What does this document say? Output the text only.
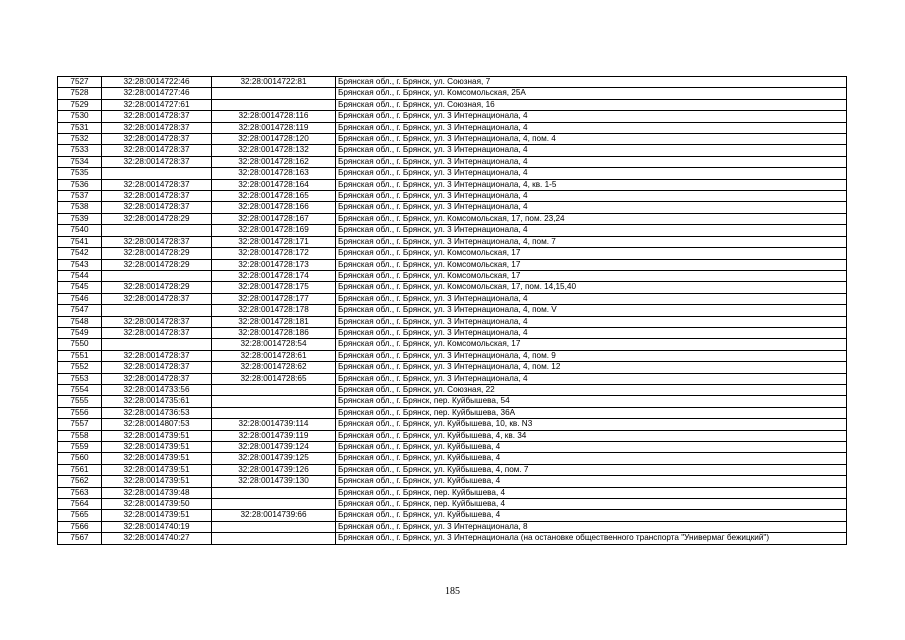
7527	32:28:0014722:46	32:28:0014722:81	Брянская обл., г. Брянск, ул. Союзная, 7
7528	32:28:0014727:46		Брянская обл., г. Брянск, ул. Комсомольская, 25А
7529	32:28:0014727:61		Брянская обл., г. Брянск, ул. Союзная, 16
7530	32:28:0014728:37	32:28:0014728:116	Брянская обл., г. Брянск, ул. 3 Интернационала, 4
7531	32:28:0014728:37	32:28:0014728:119	Брянская обл., г. Брянск, ул. 3 Интернационала, 4
7532	32:28:0014728:37	32:28:0014728:120	Брянская обл., г. Брянск, ул. 3 Интернационала, 4, пом. 4
7533	32:28:0014728:37	32:28:0014728:132	Брянская обл., г. Брянск, ул. 3 Интернационала, 4
7534	32:28:0014728:37	32:28:0014728:162	Брянская обл., г. Брянск, ул. 3 Интернационала, 4
7535		32:28:0014728:163	Брянская обл., г. Брянск, ул. 3 Интернационала, 4
7536	32:28:0014728:37	32:28:0014728:164	Брянская обл., г. Брянск, ул. 3 Интернационала, 4, кв. 1-5
7537	32:28:0014728:37	32:28:0014728:165	Брянская обл., г. Брянск, ул. 3 Интернационала, 4
7538	32:28:0014728:37	32:28:0014728:166	Брянская обл., г. Брянск, ул. 3 Интернационала, 4
7539	32:28:0014728:29	32:28:0014728:167	Брянская обл., г. Брянск, ул. Комсомольская, 17, пом. 23,24
7540		32:28:0014728:169	Брянская обл., г. Брянск, ул. 3 Интернационала, 4
7541	32:28:0014728:37	32:28:0014728:171	Брянская обл., г. Брянск, ул. 3 Интернационала, 4, пом. 7
7542	32:28:0014728:29	32:28:0014728:172	Брянская обл., г. Брянск, ул. Комсомольская, 17
7543	32:28:0014728:29	32:28:0014728:173	Брянская обл., г. Брянск, ул. Комсомольская, 17
7544		32:28:0014728:174	Брянская обл., г. Брянск, ул. Комсомольская, 17
7545	32:28:0014728:29	32:28:0014728:175	Брянская обл., г. Брянск, ул. Комсомольская, 17, пом. 14,15,40
7546	32:28:0014728:37	32:28:0014728:177	Брянская обл., г. Брянск, ул. 3 Интернационала, 4
7547		32:28:0014728:178	Брянская обл., г. Брянск, ул. 3 Интернационала, 4, пом. V
7548	32:28:0014728:37	32:28:0014728:181	Брянская обл., г. Брянск, ул. 3 Интернационала, 4
7549	32:28:0014728:37	32:28:0014728:186	Брянская обл., г. Брянск, ул. 3 Интернационала, 4
7550		32:28:0014728:54	Брянская обл., г. Брянск, ул. Комсомольская, 17
7551	32:28:0014728:37	32:28:0014728:61	Брянская обл., г. Брянск, ул. 3 Интернационала, 4, пом. 9
7552	32:28:0014728:37	32:28:0014728:62	Брянская обл., г. Брянск, ул. 3 Интернационала, 4, пом. 12
7553	32:28:0014728:37	32:28:0014728:65	Брянская обл., г. Брянск, ул. 3 Интернационала, 4
7554	32:28:0014733:56		Брянская обл., г. Брянск, ул. Союзная, 22
7555	32:28:0014735:61		Брянская обл., г. Брянск, пер. Куйбышева, 54
7556	32:28:0014736:53		Брянская обл., г. Брянск, пер. Куйбышева, 36А
7557	32:28:0014807:53	32:28:0014739:114	Брянская обл., г. Брянск, ул. Куйбышева, 10, кв. N3
7558	32:28:0014739:51	32:28:0014739:119	Брянская обл., г. Брянск, ул. Куйбышева, 4, кв. 34
7559	32:28:0014739:51	32:28:0014739:124	Брянская обл., г. Брянск, ул. Куйбышева, 4
7560	32:28:0014739:51	32:28:0014739:125	Брянская обл., г. Брянск, ул. Куйбышева, 4
7561	32:28:0014739:51	32:28:0014739:126	Брянская обл., г. Брянск, ул. Куйбышева, 4, пом. 7
7562	32:28:0014739:51	32:28:0014739:130	Брянская обл., г. Брянск, ул. Куйбышева, 4
7563	32:28:0014739:48		Брянская обл., г. Брянск, пер. Куйбышева, 4
7564	32:28:0014739:50		Брянская обл., г. Брянск, пер. Куйбышева, 4
7565	32:28:0014739:51	32:28:0014739:66	Брянская обл., г. Брянск, ул. Куйбышева, 4
7566	32:28:0014740:19		Брянская обл., г. Брянск, ул. 3 Интернационала, 8
7567	32:28:0014740:27		Брянская обл., г. Брянск, ул. 3 Интернационала (на остановке общественного транспорта "Универмаг бежицкий")
185
